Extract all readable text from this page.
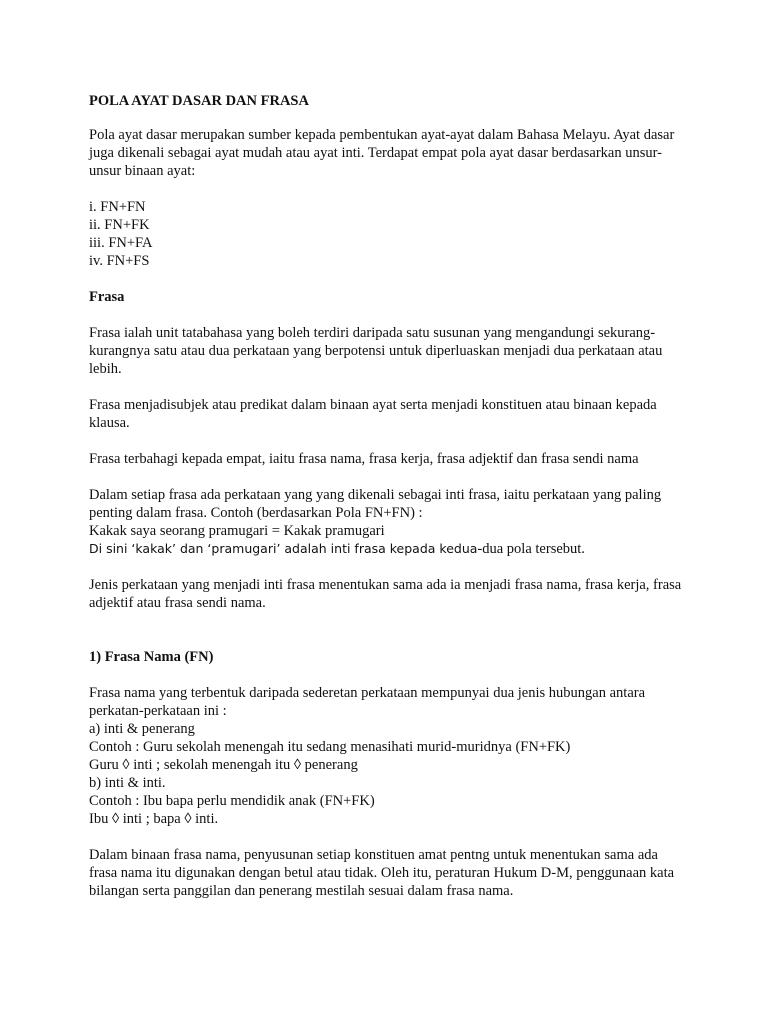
POLA AYAT DASAR DAN FRASA

Pola ayat dasar merupakan sumber kepada pembentukan ayat-ayat dalam Bahasa Melayu. Ayat dasar juga dikenali sebagai ayat mudah atau ayat inti. Terdapat empat pola ayat dasar berdasarkan unsur-unsur binaan ayat:

i. FN+FN
ii. FN+FK
iii. FN+FA
iv. FN+FS
Frasa

Frasa ialah unit tatabahasa yang boleh terdiri daripada satu susunan yang mengandungi sekurang-kurangnya satu atau dua perkataan yang berpotensi untuk diperluaskan menjadi dua perkataan atau lebih.

Frasa menjadisubjek atau predikat dalam binaan ayat serta menjadi konstituen atau binaan kepada klausa.

Frasa terbahagi kepada empat, iaitu frasa nama, frasa kerja, frasa adjektif dan frasa sendi nama

Dalam setiap frasa ada perkataan yang yang dikenali sebagai inti frasa, iaitu perkataan yang paling penting dalam frasa. Contoh (berdasarkan Pola FN+FN) :
Kakak saya seorang pramugari = Kakak pramugari
Di sini ‘kakak’ dan ‘pramugari’ adalah inti frasa kepada kedua-dua pola tersebut.

Jenis perkataan yang menjadi inti frasa menentukan sama ada ia menjadi frasa nama, frasa kerja, frasa adjektif atau frasa sendi nama.

1) Frasa Nama (FN)

Frasa nama yang terbentuk daripada sederetan perkataan mempunyai dua jenis hubungan antara perkatan-perkataan ini :
a) inti & penerang
Contoh : Guru sekolah menengah itu sedang menasihati murid-muridnya (FN+FK)
Guru ◊ inti ; sekolah menengah itu ◊ penerang
b) inti & inti.
Contoh : Ibu bapa perlu mendidik anak (FN+FK)
Ibu ◊ inti ; bapa ◊ inti.

Dalam binaan frasa nama, penyusunan setiap konstituen amat pentng untuk menentukan sama ada frasa nama itu digunakan dengan betul atau tidak. Oleh itu, peraturan Hukum D-M, penggunaan kata bilangan serta panggilan dan penerang mestilah sesuai dalam frasa nama.
